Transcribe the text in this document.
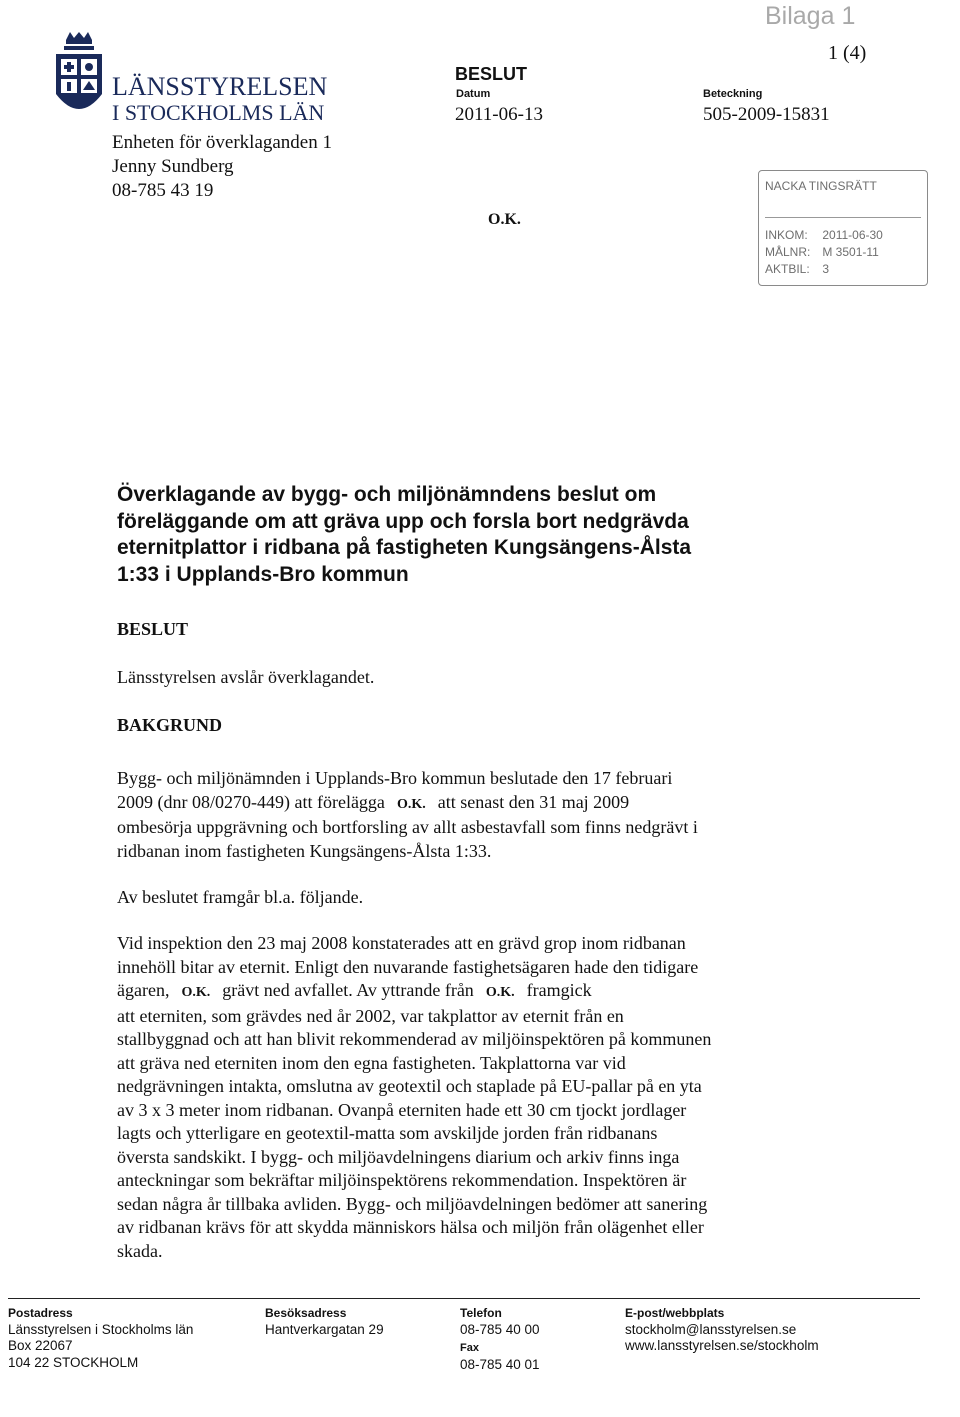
Bilaga 1
1 (4)
LÄNSSTYRELSEN
I STOCKHOLMS LÄN
Enheten för överklaganden 1
Jenny Sundberg
08-785 43 19
BESLUT
Datum
2011-06-13
Beteckning
505-2009-15831
O.K.
NACKA TINGSRÄTT
INKOM: 2011-06-30
MÅLNR: M 3501-11
AKTBIL: 3
Överklagande av bygg- och miljönämndens beslut om
föreläggande om att gräva upp och forsla bort nedgrävda
eternitplattor i ridbana på fastigheten Kungsängens-Ålsta
1:33 i Upplands-Bro kommun
BESLUT
Länsstyrelsen avslår överklagandet.
BAKGRUND
Bygg- och miljönämnden i Upplands-Bro kommun beslutade den 17 februari
2009 (dnr 08/0270-449) att förelägga O.K. att senast den 31 maj 2009
ombesörja uppgrävning och bortforsling av allt asbestavfall som finns nedgrävt i
ridbanan inom fastigheten Kungsängens-Ålsta 1:33.
Av beslutet framgår bl.a. följande.
Vid inspektion den 23 maj 2008 konstaterades att en grävd grop inom ridbanan
innehöll bitar av eternit. Enligt den nuvarande fastighetsägaren hade den tidigare
ägaren, O.K. grävt ned avfallet. Av yttrande från O.K. framgick
att eterniten, som grävdes ned år 2002, var takplattor av eternit från en
stallbyggnad och att han blivit rekommenderad av miljöinspektören på kommunen
att gräva ned eterniten inom den egna fastigheten. Takplattorna var vid
nedgrävningen intakta, omslutna av geotextil och staplade på EU-pallar på en yta
av 3 x 3 meter inom ridbanan. Ovanpå eterniten hade ett 30 cm tjockt jordlager
lagts och ytterligare en geotextil-matta som avskiljde jorden från ridbanans
översta sandskikt. I bygg- och miljöavdelningens diarium och arkiv finns inga
anteckningar som bekräftar miljöinspektörens rekommendation. Inspektören är
sedan några år tillbaka avliden. Bygg- och miljöavdelningen bedömer att sanering
av ridbanan krävs för att skydda människors hälsa och miljön från olägenhet eller
skada.
Postadress
Länsstyrelsen i Stockholms län
Box 22067
104 22 STOCKHOLM
Besöksadress
Hantverkargatan 29
Telefon
08-785 40 00
Fax
08-785 40 01
E-post/webbplats
stockholm@lansstyrelsen.se
www.lansstyrelsen.se/stockholm
